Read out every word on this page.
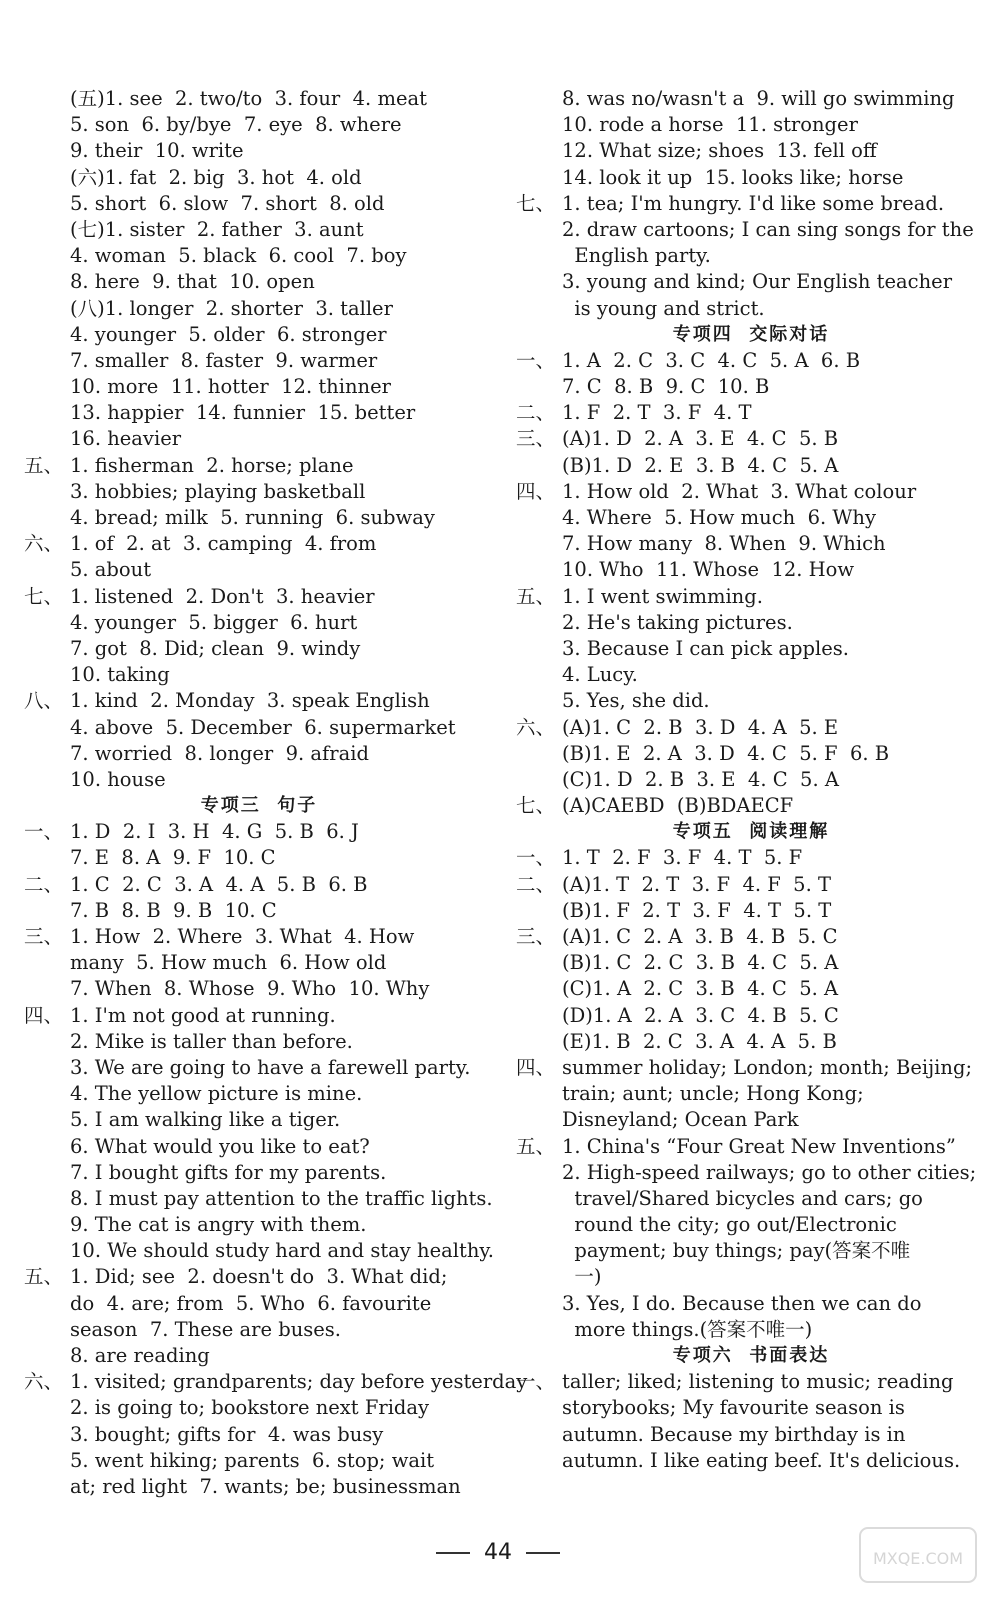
(五)1. see  2. two/to  3. four  4. meat
5. son  6. by/bye  7. eye  8. where
9. their  10. write
(六)1. fat  2. big  3. hot  4. old
5. short  6. slow  7. short  8. old
(七)1. sister  2. father  3. aunt
4. woman  5. black  6. cool  7. boy
8. here  9. that  10. open
(八)1. longer  2. shorter  3. taller
4. younger  5. older  6. stronger
7. smaller  8. faster  9. warmer
10. more  11. hotter  12. thinner
13. happier  14. funnier  15. better
16. heavier
五、 1. fisherman  2. horse; plane
3. hobbies; playing basketball
4. bread; milk  5. running  6. subway
六、 1. of  2. at  3. camping  4. from
5. about
七、 1. listened  2. Don't  3. heavier
4. younger  5. bigger  6. hurt
7. got  8. Did; clean  9. windy
10. taking
八、 1. kind  2. Monday  3. speak English
4. above  5. December  6. supermarket
7. worried  8. longer  9. afraid
10. house
专项三  句子
一、 1. D  2. I  3. H  4. G  5. B  6. J
7. E  8. A  9. F  10. C
二、 1. C  2. C  3. A  4. A  5. B  6. B
7. B  8. B  9. B  10. C
三、 1. How  2. Where  3. What  4. How
many  5. How much  6. How old
7. When  8. Whose  9. Who  10. Why
四、 1. I'm not good at running.
2. Mike is taller than before.
3. We are going to have a farewell party.
4. The yellow picture is mine.
5. I am walking like a tiger.
6. What would you like to eat?
7. I bought gifts for my parents.
8. I must pay attention to the traffic lights.
9. The cat is angry with them.
10. We should study hard and stay healthy.
五、 1. Did; see  2. doesn't do  3. What did;
do  4. are; from  5. Who  6. favourite
season  7. These are buses.
8. are reading
六、 1. visited; grandparents; day before yesterday
2. is going to; bookstore next Friday
3. bought; gifts for  4. was busy
5. went hiking; parents  6. stop; wait
at; red light  7. wants; be; businessman
8. was no/wasn't a  9. will go swimming
10. rode a horse  11. stronger
12. What size; shoes  13. fell off
14. look it up  15. looks like; horse
七、 1. tea; I'm hungry. I'd like some bread.
2. draw cartoons; I can sing songs for the
English party.
3. young and kind; Our English teacher
is young and strict.
专项四  交际对话
一、 1. A  2. C  3. C  4. C  5. A  6. B
7. C  8. B  9. C  10. B
二、 1. F  2. T  3. F  4. T
三、 (A)1. D  2. A  3. E  4. C  5. B
(B)1. D  2. E  3. B  4. C  5. A
四、 1. How old  2. What  3. What colour
4. Where  5. How much  6. Why
7. How many  8. When  9. Which
10. Who  11. Whose  12. How
五、 1. I went swimming.
2. He's taking pictures.
3. Because I can pick apples.
4. Lucy.
5. Yes, she did.
六、 (A)1. C  2. B  3. D  4. A  5. E
(B)1. E  2. A  3. D  4. C  5. F  6. B
(C)1. D  2. B  3. E  4. C  5. A
七、 (A)CAEBD  (B)BDAECF
专项五  阅读理解
一、 1. T  2. F  3. F  4. T  5. F
二、 (A)1. T  2. T  3. F  4. F  5. T
(B)1. F  2. T  3. F  4. T  5. T
三、 (A)1. C  2. A  3. B  4. B  5. C
(B)1. C  2. C  3. B  4. C  5. A
(C)1. A  2. C  3. B  4. C  5. A
(D)1. A  2. A  3. C  4. B  5. C
(E)1. B  2. C  3. A  4. A  5. B
四、 summer holiday; London; month; Beijing;
train; aunt; uncle; Hong Kong;
Disneyland; Ocean Park
五、 1. China's “Four Great New Inventions”
2. High-speed railways; go to other cities;
travel/Shared bicycles and cars; go
round the city; go out/Electronic
payment; buy things; pay(答案不唯
一)
3. Yes, I do. Because then we can do
more things.(答案不唯一)
专项六  书面表达
一、 taller; liked; listening to music; reading
storybooks; My favourite season is
autumn. Because my birthday is in
autumn. I like eating beef. It's delicious.
44	MXQE.COM
